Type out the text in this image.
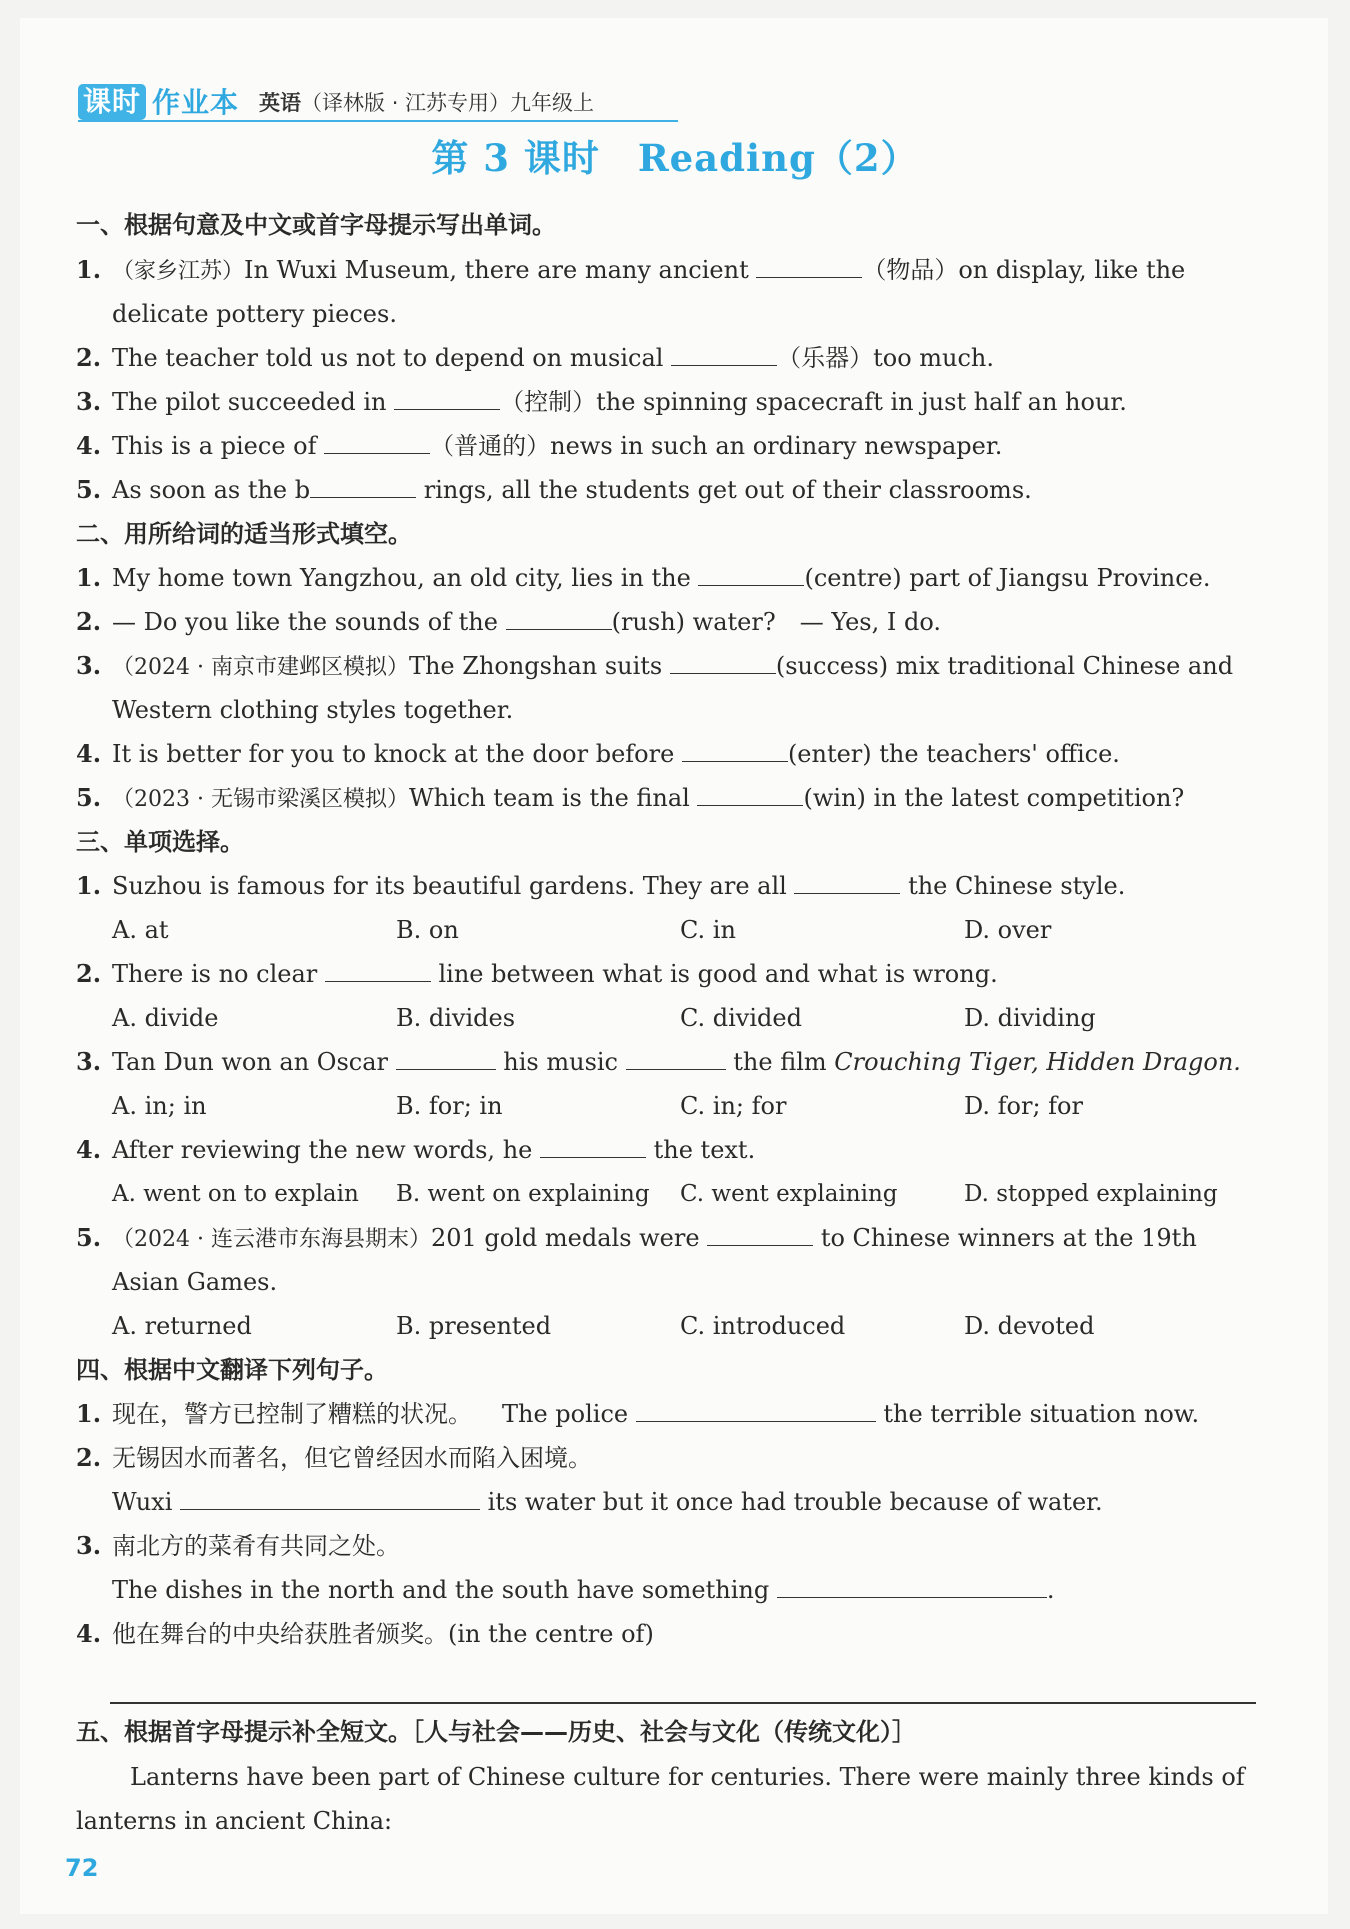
课时 作业本 英语（译林版 · 江苏专用）九年级上
第 3 课时　Reading（2）
一、根据句意及中文或首字母提示写出单词。
1. （家乡江苏）In Wuxi Museum, there are many ancient	（物品）on display, like the
delicate pottery pieces.
2. The teacher told us not to depend on musical	（乐器）too much.
3. The pilot succeeded in	（控制）the spinning spacecraft in just half an hour.
4. This is a piece of	（普通的）news in such an ordinary newspaper.
5. As soon as the b	rings, all the students get out of their classrooms.
二、用所给词的适当形式填空。
1. My home town Yangzhou, an old city, lies in the	(centre) part of Jiangsu Province.
2. — Do you like the sounds of the	(rush) water?　— Yes, I do.
3. （2024 · 南京市建邺区模拟）The Zhongshan suits	(success) mix traditional Chinese and
Western clothing styles together.
4. It is better for you to knock at the door before	(enter) the teachers' office.
5. （2023 · 无锡市梁溪区模拟）Which team is the final	(win) in the latest competition?
三、单项选择。
1. Suzhou is famous for its beautiful gardens. They are all	the Chinese style.
A. at	B. on	C. in	D. over
2. There is no clear	line between what is good and what is wrong.
A. divide	B. divides	C. divided	D. dividing
3. Tan Dun won an Oscar	his music	the film Crouching Tiger, Hidden Dragon.
A. in; in	B. for; in	C. in; for	D. for; for
4. After reviewing the new words, he	the text.
A. went on to explain B. went on explaining C. went explaining	D. stopped explaining
5. （2024 · 连云港市东海县期末）201 gold medals were	to Chinese winners at the 19th
Asian Games.
A. returned	B. presented	C. introduced	D. devoted
四、根据中文翻译下列句子。
1. 现在，警方已控制了糟糕的状况。 The police	the terrible situation now.
2. 无锡因水而著名，但它曾经因水而陷入困境。
Wuxi	its water but it once had trouble because of water.
3. 南北方的菜肴有共同之处。
The dishes in the north and the south have something	.
4. 他在舞台的中央给获胜者颁奖。(in the centre of)
五、根据首字母提示补全短文。［人与社会——历史、社会与文化（传统文化）］
Lanterns have been part of Chinese culture for centuries. There were mainly three kinds of
lanterns in ancient China:
72
